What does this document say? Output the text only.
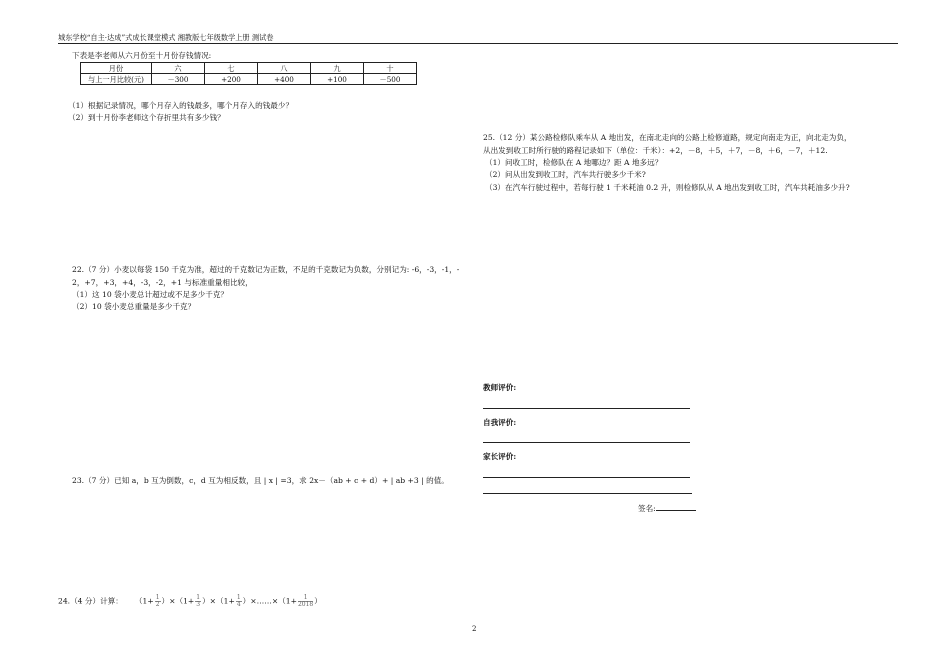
城东学校“自主·达成”式成长课堂模式 湘教版七年级数学上册 测试卷
下表是李老师从六月份至十月份存钱情况:
月份	六	七	八	九	十
与上一月比较(元)	－300	+200	+400	+100	－500
（1）根据记录情况，哪个月存入的钱最多，哪个月存入的钱最少？
（2）到十月份李老师这个存折里共有多少钱？
22.（7 分）小麦以每袋 150 千克为准，超过的千克数记为正数，不足的千克数记为负数，分别记为: -6，-3，-1，-
2，+7，+3，+4，-3，-2，+1 与标准重量相比较，
（1）这 10 袋小麦总计超过或不足多少千克？
（2）10 袋小麦总重量是多少千克？
23.（7 分）已知 a，b 互为倒数，c，d 互为相反数，且 | x | =3，求 2x－（ab + c + d）+ | ab +3 | 的值。
24.（4 分）计算： $(1+ \frac{1}{2} )\times(1+ \frac{1}{3} )\times(1+ \frac{1}{4}$ ）×……×（1+ $\frac{1}{2018}$ ）
25.（12 分）某公路检修队乘车从 A 地出发，在南北走向的公路上检修道路，规定向南走为正，向北走为负，
从出发到收工时所行驶的路程记录如下（单位：千米）：+2，－8，＋5，＋7，－8，＋6，－7，＋12.
（1）问收工时，检修队在 A 地哪边？距 A 地多远？
（2）问从出发到收工时，汽车共行驶多少千米?
（3）在汽车行驶过程中，若每行驶 1 千米耗油 0.2 升，则检修队从 A 地出发到收工时，汽车共耗油多少升?
教师评价:
自我评价:
家长评价:
签名:
2
